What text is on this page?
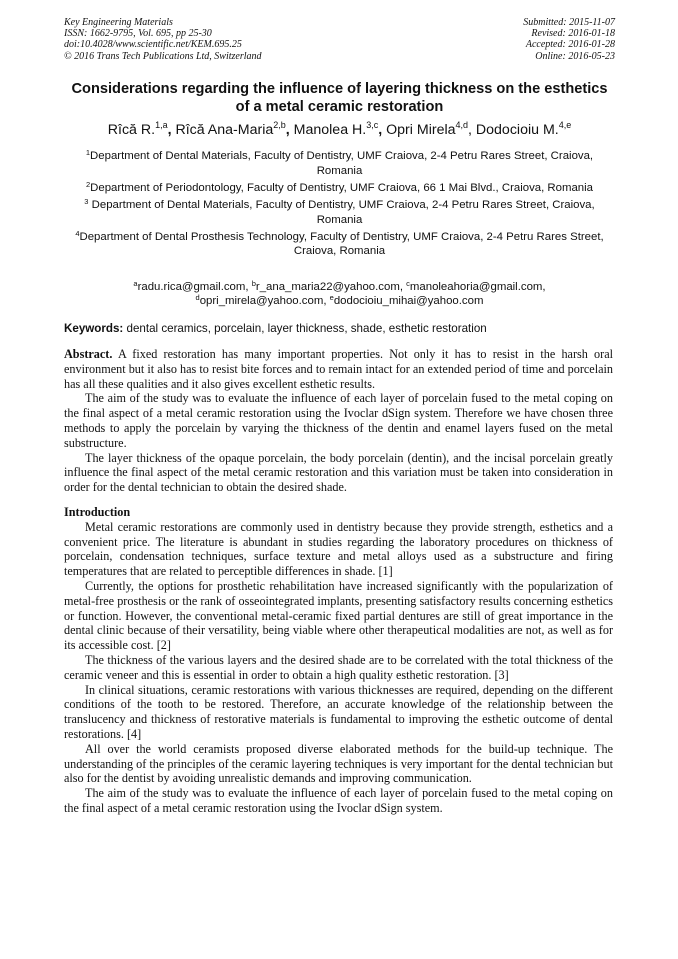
Key Engineering Materials
ISSN: 1662-9795, Vol. 695, pp 25-30
doi:10.4028/www.scientific.net/KEM.695.25
© 2016 Trans Tech Publications Ltd, Switzerland
Submitted: 2015-11-07
Revised: 2016-01-18
Accepted: 2016-01-28
Online: 2016-05-23
Considerations regarding the influence of layering thickness on the esthetics of a metal ceramic restoration
Rîcă R.$^{1,a}$, Rîcă Ana-Maria$^{2,b}$, Manolea H.$^{3,c}$, Opri Mirela$^{4,d}$, Dodocioiu M.$^{4,e}$
$^1$Department of Dental Materials, Faculty of Dentistry, UMF Craiova, 2-4 Petru Rares Street, Craiova, Romania
$^2$Department of Periodontology, Faculty of Dentistry, UMF Craiova, 66 1 Mai Blvd., Craiova, Romania
$^3$ Department of Dental Materials, Faculty of Dentistry, UMF Craiova, 2-4 Petru Rares Street, Craiova, Romania
$^4$Department of Dental Prosthesis Technology, Faculty of Dentistry, UMF Craiova, 2-4 Petru Rares Street, Craiova, Romania
$^a$radu.rica@gmail.com, $^b$r_ana_maria22@yahoo.com, $^c$manoleahoria@gmail.com,
$^d$opri_mirela@yahoo.com, $^e$dodocioiu_mihai@yahoo.com
Keywords: dental ceramics, porcelain, layer thickness, shade, esthetic restoration

Abstract. A fixed restoration has many important properties. Not only it has to resist in the harsh oral environment but it also has to resist bite forces and to remain intact for an extended period of time and porcelain has all these qualities and it also gives excellent esthetic results.

The aim of the study was to evaluate the influence of each layer of porcelain fused to the metal coping on the final aspect of a metal ceramic restoration using the Ivoclar dSign system. Therefore we have chosen three methods to apply the porcelain by varying the thickness of the dentin and enamel layers fused on the metal substructure.

The layer thickness of the opaque porcelain, the body porcelain (dentin), and the incisal porcelain greatly influence the final aspect of the metal ceramic restoration and this variation must be taken into consideration in order for the dental technician to obtain the desired shade.

Introduction

Metal ceramic restorations are commonly used in dentistry because they provide strength, esthetics and a convenient price. The literature is abundant in studies regarding the laboratory procedures on thickness of porcelain, condensation techniques, surface texture and metal alloys used as a substructure and firing temperatures that are related to perceptible differences in shade. [1]

Currently, the options for prosthetic rehabilitation have increased significantly with the popularization of metal-free prosthesis or the rank of osseointegrated implants, presenting satisfactory results concerning esthetics or function. However, the conventional metal-ceramic fixed partial dentures are still of great importance in the dental clinic because of their versatility, being viable where other therapeutical modalities are not, as well as for its accessible cost. [2]

The thickness of the various layers and the desired shade are to be correlated with the total thickness of the ceramic veneer and this is essential in order to obtain a high quality esthetic restoration. [3]

In clinical situations, ceramic restorations with various thicknesses are required, depending on the different conditions of the tooth to be restored. Therefore, an accurate knowledge of the relationship between the translucency and thickness of restorative materials is fundamental to improving the esthetic outcome of dental restorations. [4]

All over the world ceramists proposed diverse elaborated methods for the build-up technique. The understanding of the principles of the ceramic layering techniques is very important for the dental technician but also for the dentist by avoiding unrealistic demands and improving communication.

The aim of the study was to evaluate the influence of each layer of porcelain fused to the metal coping on the final aspect of a metal ceramic restoration using the Ivoclar dSign system.
